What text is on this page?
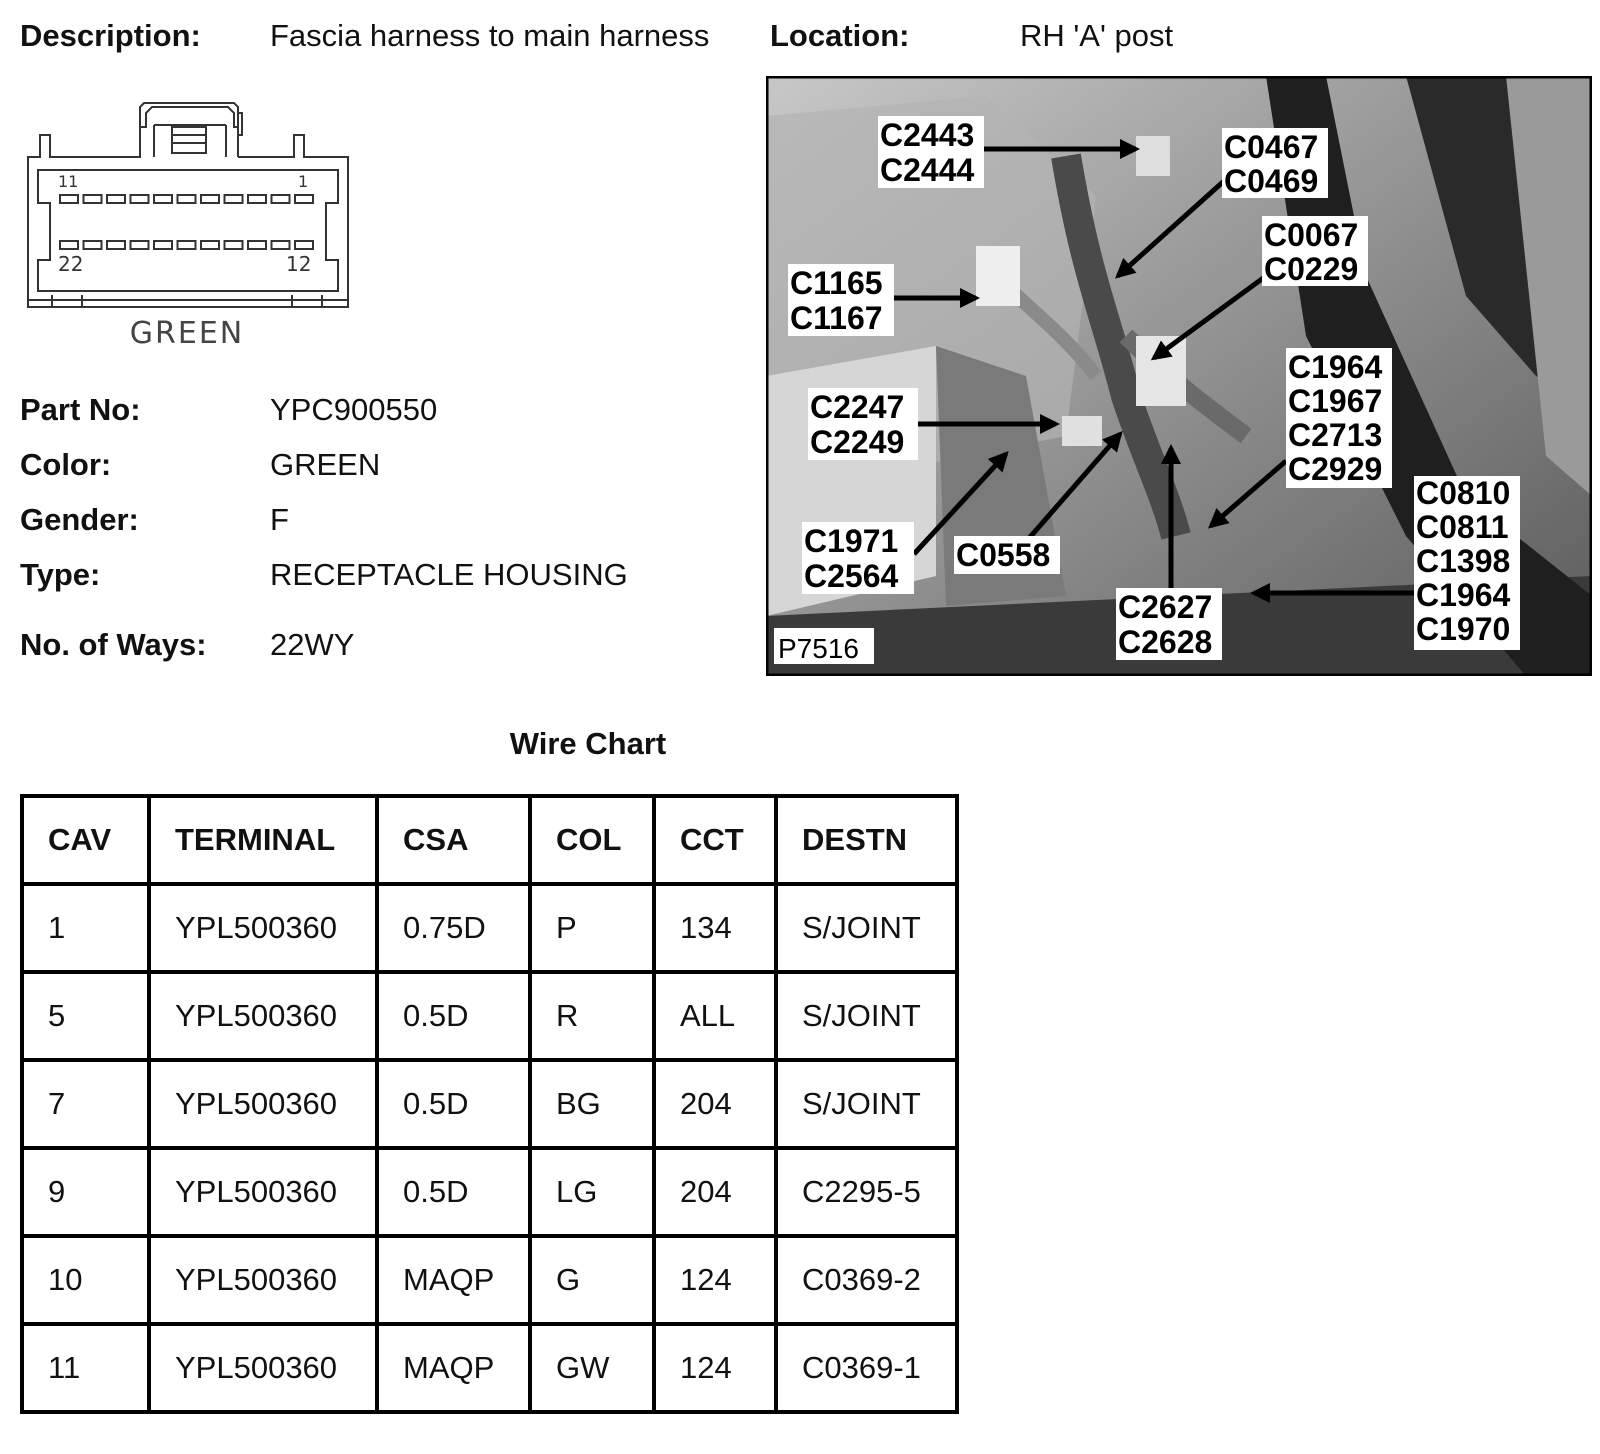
Description: Fascia harness to main harness Location:	RH 'A' post
11	1
22	12
GREEN
Part No:	YPC900550
Color:	GREEN
Gender:	F
Type:	RECEPTACLE HOUSING
No. of Ways: 22WY
C2443
C2444
C0467
C0469
C0067
C0229
C1165
C1167
C1964
C1967
C2713
C2929
C2247
C2249
C0810
C0811
C1398
C1964
C1970
C1971
C2564
C0558
C2627
C2628
P7516
Wire Chart
CAV	TERMINAL	CSA	COL	CCT	DESTN
1	YPL500360	0.75D	P	134	S/JOINT
5	YPL500360	0.5D	R	ALL	S/JOINT
7	YPL500360	0.5D	BG	204	S/JOINT
9	YPL500360	0.5D	LG	204	C2295-5
10	YPL500360	MAQP	G	124	C0369-2
11	YPL500360	MAQP	GW	124	C0369-1
